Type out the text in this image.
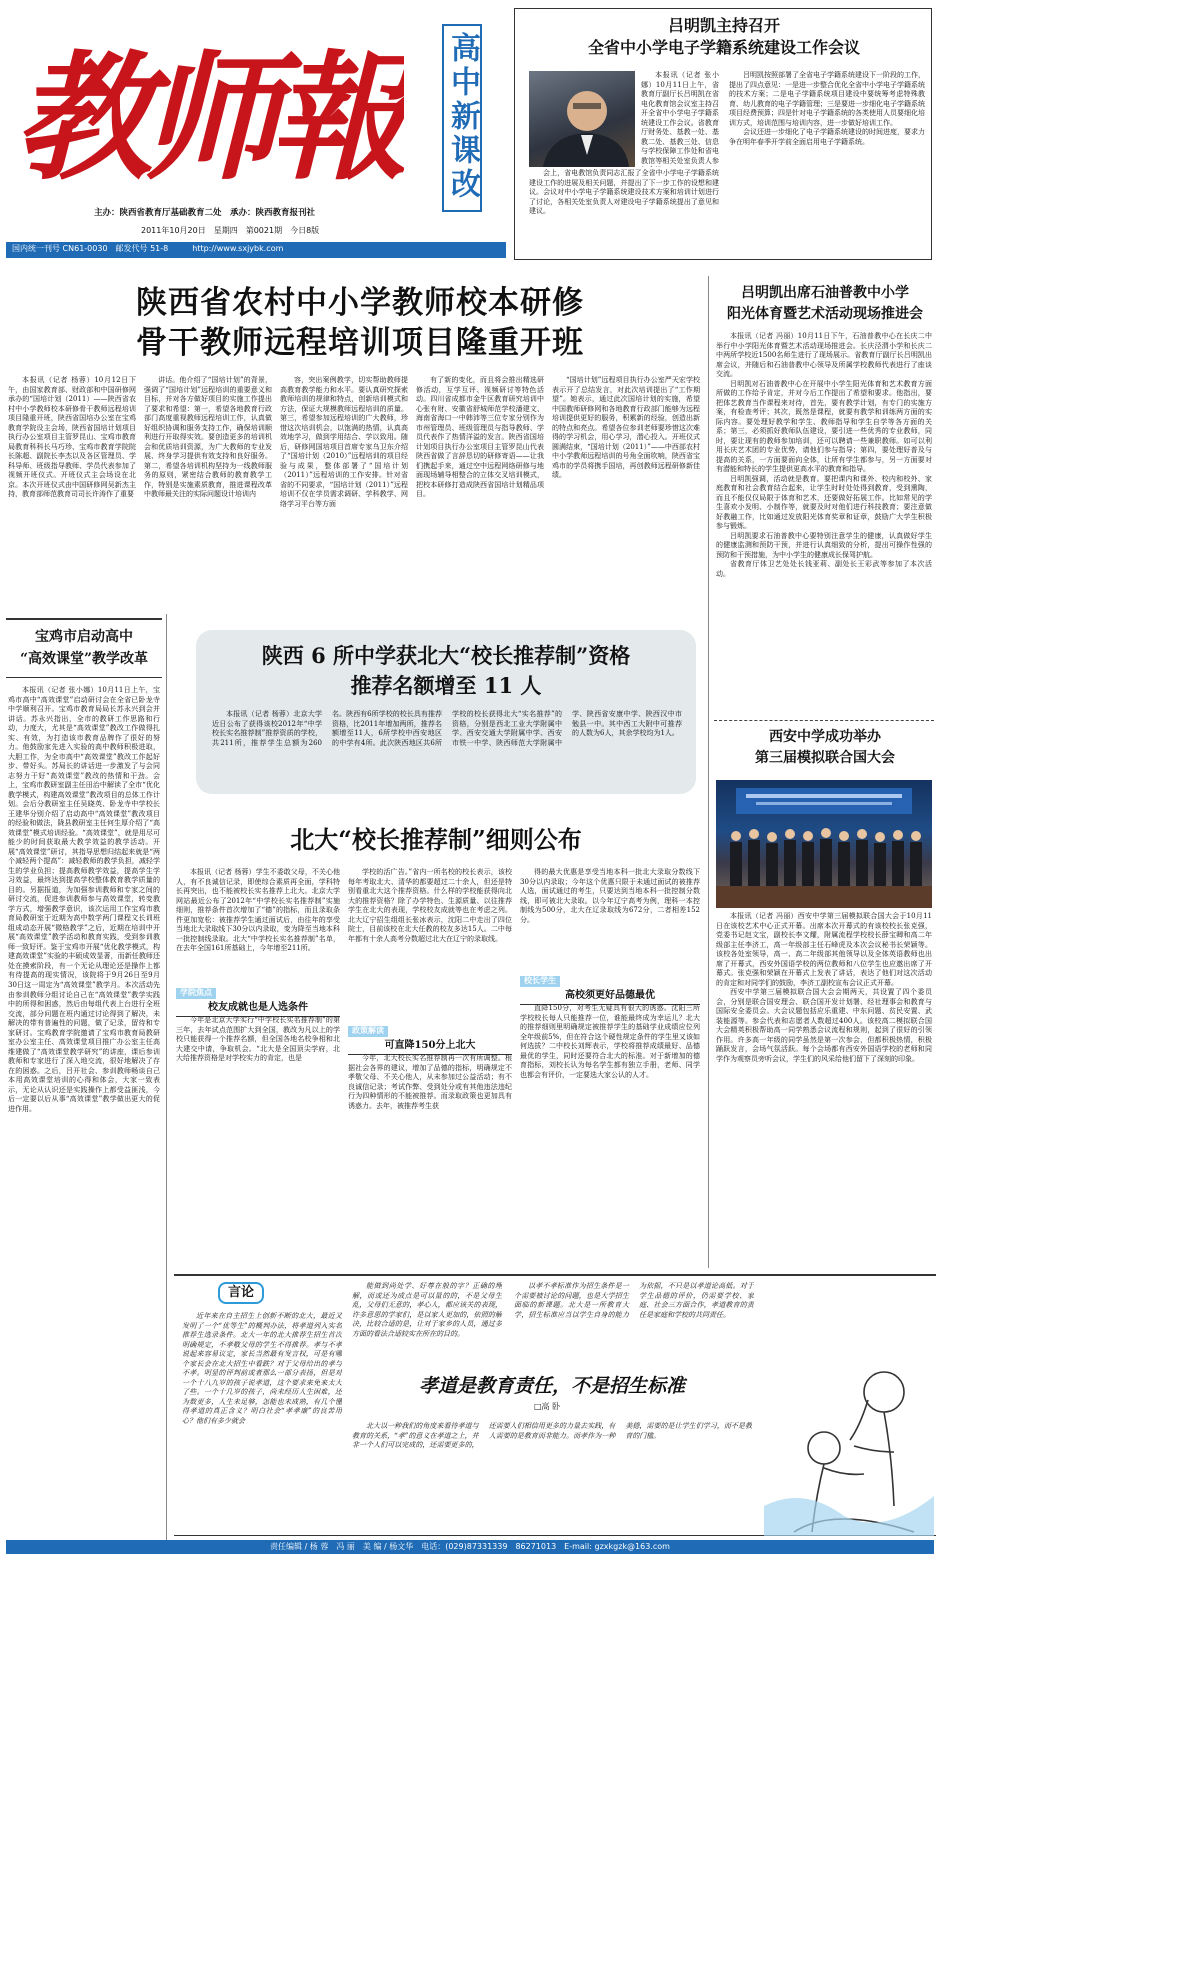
教师報	高中新课改
主办：陕西省教育厅基础教育二处　承办：陕西教育报刊社
2011年10月20日　星期四　第0021期　今日8版
国内统一刊号 CN61-0030　邮发代号 51-8　　　http://www.sxjybk.com
吕明凯主持召开
全省中小学电子学籍系统建设工作会议

本报讯（记者 张小娜）10月11日上午，省教育厅副厅长吕明凯在省电化教育馆会议室主持召开全省中小学电子学籍系统建设工作会议。省教育厅财务处、基教一处、基教二处、基教三处、信息与学校保障工作处和省电教馆等相关处室负责人参

会上，省电教馆负责同志汇报了全省中小学电子学籍系统建设工作的进展及相关问题，并提出了下一步工作的设想和建议。会议对中小学电子学籍系统建设技术方案和培训计划进行了讨论，各相关处室负责人对建设电子学籍系统提出了意见和建议。

吕明凯按照部署了全省电子学籍系统建设下一阶段的工作，提出了四点意见：一是进一步整合优化全省中小学电子学籍系统的技术方案；二是电子学籍系统项目建设中要统筹考虑特殊教育、幼儿教育的电子学籍管理；三是要进一步细化电子学籍系统项目经费预算；四是针对电子学籍系统的各类使用人员要细化培训方式，培训范围与培训内容，进一步做好培训工作。

会议还进一步细化了电子学籍系统建设的时间进度，要求力争在明年春季开学前全面启用电子学籍系统。

陕西省农村中小学教师校本研修
骨干教师远程培训项目隆重开班

本报讯（记者 杨蓉）10月12日下午，由国家教育部、财政部和中国研修网承办的“国培计划（2011）——陕西省农村中小学教师校本研修骨干教师远程培训项目隆重开班，陕西省国培办公室在宝鸡教育学院设主会场，陕西省国培计划项目执行办公室项目主管罗昆山、宝鸡市教育局教育科科长马巧珍、宝鸡市教育学院院长陈超、副院长李杰以及各区管理员、学科导师、班级指导教师、学员代表参加了视频开班仪式。开班仪式主会场设在北京。本次开班仪式由中国研修网吴新杰主持，教育部师范教育司司长许涛作了重要

讲话。他介绍了“国培计划”的背景，强调了“国培计划”远程培训的重要意义和目标，并对各方做好项目的实施工作提出了要求和希望：第一，希望各地教育行政部门高度重视教师远程培训工作，认真做好组织协调和服务支持工作，确保培训顺利进行开取得实效。要创造更多的培训机会和优质培训资源，为广大教师的专业发展、终身学习提供有效支持和良好服务。第二，希望各培训机构坚持为一线教师服务的原则，紧密结合教师的教育教学工作，特别是实施素质教育，推进课程改革中教师最关注的实际问题设计培训内

容，突出案例教学，切实帮助教师提高教育教学能力和水平。要认真研究探索教师培训的规律和特点，创新培训模式和方法，保证大规模教师远程培训的质量。第三，希望参加远程培训的广大教师，珍惜这次培训机会，以饱满的热情，认真高效地学习，做到学用结合、学以致用。随后，研修网国培项目首席专家乌卫东介绍了“国培计划（2010）”远程培训的项目经验与成果，整体部署了“国培计划（2011）”远程培训的工作安排。针对省省的不同要求，“国培计划（2011）”远程培训不仅在学员需求调研、学科教学、网络学习平台等方面

有了新的变化，而且将会推出精选研修活动，互学互评、视频研讨等特色活动。四川省成都市金牛区教育研究培训中心张有财、安徽省舒城师范学校潘建文、海南省海口一中韩沛等三位专家分别作为市州管理员、班级管理员与指导教师、学员代表作了热情洋溢的发言。陕西省国培计划项目执行办公室项目主管罗昆山代表陕西省做了言辞恳切的研修寄语——让我们携起手来，通过空中远程网络研修与地面现场辅导相整合的立体交叉培训模式，把校本研修打造成陕西省国培计划精品项目。

“国培计划”远程项目执行办公室严天宏学校表示开了总结发言，对此次培训提出了“工作期望”。她表示，通过此次国培计划的实施，希望中国教师研修网和各地教育行政部门能够为远程培训提供更好的服务，积累新的经验，创造出新的特点和亮点。希望各位参训老师要珍惜这次难得的学习机会，用心学习，潜心投入。开班仪式圆满结束，“国培计划（2011）”——中西部农村中小学教师远程培训的号角全面吹响，陕西省宝鸡市的学员将携手国培，再创教师远程研修新佳绩。

吕明凯出席石油普教中小学
阳光体育暨艺术活动现场推进会

本报讯（记者 冯丽）10月11日下午，石油普教中心在长庆二中举行中小学阳光体育暨艺术活动现场推进会。长庆泾渭小学和长庆二中两所学校近1500名师生进行了现场展示。省教育厅副厅长吕明凯出席会议，并随后和石油普教中心领导及所属学校教师代表进行了座谈交流。

吕明凯对石油普教中心在开展中小学生阳光体育和艺术教育方面所做的工作给予肯定，并对今后工作提出了希望和要求。他指出，要把体艺教育当作课程来对待，首先，要有教学计划，有专门的实施方案，有检查考评；其次，既然是课程，就要有教学和训练两方面的实际内容。要处理好教学和学生、教师指导和学生自学等各方面的关系；第三，必须抓好教师队伍建设，要引进一些优秀的专业教师，同时，要让现有的教师参加培训，还可以聘请一些兼职教师。如可以利用长庆艺术团的专业优势，请他们参与指导；第四，要处理好普及与提高的关系，一方面要面向全体，让所有学生都参与，另一方面要对有潜能和特长的学生提供更高水平的教育和指导。

吕明凯强调，活动就是教育。要把课内和课外、校内和校外、家庭教育和社会教育结合起来，让学生时时处处得到教育，受到熏陶，而且不能仅仅局限于体育和艺术，还要做好拓展工作。比如常见的学生喜欢小发明、小制作等，就要及时对他们进行科技教育；要注意做好教融工作，比如通过发放阳光体育奖章和证章，鼓励广大学生积极参与锻炼。

吕明凯要求石油普教中心要特别注意学生的健康，认真做好学生的健康监测和预防干预，并进行认真细致的分析，提出可操作性强的预防和干预措施，为中小学生的健康成长保驾护航。

省教育厅体卫艺处处长钱亚莉、副处长王彩武等参加了本次活动。

西安中学成功举办
第三届模拟联合国大会

本报讯（记者 冯丽）西安中学第三届模拟联合国大会于10月11日在该校艺术中心正式开幕。出席本次开幕式的有该校校长张克强，党委书记赵文宝，副校长李文耀，附属流程学校校长薛宝卿和高二年级部主任李济工，高一年级部主任石峰虎及本次会议秘书长荣颖等。该校各处室领导，高一、高二年级部其他领导以及全体英语教师也出席了开幕式，西安外国语学校的两位教师和八位学生也应邀出席了开幕式。张克强和荣颖在开幕式上发表了讲话，表达了他们对这次活动的肯定和对同学们的鼓励，李济工副校宣布会议正式开幕。

西安中学第三届模拟联合国大会会期两天，共设置了四个委员会，分别是联合国安理会、联合国开发计划署、经社理事会和教育与国际安全委员会。大会议题包括应乐重建、中东问题、贫民安置、武装能源等。参会代表和志愿者人数超过400人。该校高二模拟联合国大会精英积极帮助高一同学熟悉会议流程和规则，起到了很好的引领作用。许多高一年级的同学虽然是第一次参会，但都积极热情，积极踊跃发言，会场气氛活跃。每个会场都有西安外国语学校的老师和同学作为观察员旁听会议，学生们的风采给他们留下了深刻的印象。

宝鸡市启动高中
“高效课堂”教学改革

本报讯（记者 张小娜）10月11日上午，宝鸡市高中“高效课堂”启动研讨会在全省已卧龙寺中学顺利召开。宝鸡市教育局局长苏永兴到会并讲话。苏永兴指出，全市的教研工作思路和行动，力度大，尤其是“高效课堂”教改工作做得扎实、有效，为打造该市教育品牌作了很好的努力。他鼓励家先进入实验的高中教师积极进取，大胆工作，为全市高中“高效课堂”教改工作起好步、带好头。苏局长的讲话进一步激发了与会同志努力干好“高效课堂”教改的热情和干劲。会上，宝鸡市教研室副主任田治中解读了全市“优化教学模式，构建高效课堂”教改项目的总体工作计划。会后分教研室主任吴晓英、卧龙寺中学校长王建华分别介绍了启动高中“高效课堂”教改项目的经验和做法，陇县教研室主任何生厚介绍了“高效课堂”模式培训经验。“高效课堂”，就是用尽可能少的时间获取最大教学效益的教学活动。开展“高效课堂”研讨，其指导思想归结起来就是“两个减轻两个提高”：减轻教师的教学负担，减轻学生的学业负担；提高教师教学效益，提高学生学习效益，最终达到提高学校整体教育教学质量的目的。另据报道，为加强参训教师和专家之间的研讨交流，促进参训教师参与高效课堂，转变教学方式，增强教学意识，该次运用工作宝鸡市教育局教研室于近期为高中数学两门课程文长训班组成动态开展“微格教学”之后，近期在培训中开展“高效课堂”教学活动和教育实践，受到参训教师一致好评。鉴于宝鸡市开展“优化教学模式，构建高效课堂”实验的丰硕成效显著，而新任教师还处在摸索阶段，有一个无论从理论还是操作上都有待提高的现实情况，该院将于9月26日至9月30日这一周定为“高效课堂”教学月。本次活动先由参训教师分组讨论自己在“高效课堂”教学实践中的所得和困惑，然后由每组代表上台进行全班交流，部分问题在班内通过讨论得到了解决，未解决的带有普遍性的问题，做了记录，留待和专家研讨。宝鸡教育学院邀请了宝鸡市教育局教研室办公室主任、高效课堂项目推广办公室主任高维建做了“高效课堂教学研究”的讲座，课后参训教师和专家进行了深入地交流，很好地解决了存在的困惑。之后，吕开社会、参训教师畅谈自己本用高效课堂培训的心得和体会，大家一致表示，无论从认识还是实践操作上都受益匪浅，今后一定要以后从事“高效课堂”教学做出更大的促进作用。

陕西 6 所中学获北大“校长推荐制”资格
推荐名额增至 11 人

本报讯（记者 杨蓉）北京大学近日公布了获得该校2012年“中学校长实名推荐制”推荐资质的学校，共211所，推荐学生总额为260名。陕西有6所学校的校长具有推荐资格，比2011年增加两所，推荐名额增至11人，6所学校中西安地区的中学有4所。此次陕西地区共6所学校的校长获得北大“实名推荐”的资格，分别是西北工业大学附属中学、西安交通大学附属中学、西安市铁一中学、陕西师范大学附属中学、陕西省安康中学、陕西汉中市勉县一中。其中西工大附中可推荐的人数为6人，其余学校均为1人。

北大“校长推荐制”细则公布

本报讯（记者 杨蓉）学生不委敢父母，不关心他人，有不良诚信记录，即使综合素质再全面，学科特长再突出，也不能被校长实名推荐上北大。北京大学网站最近公布了2012年“中学校长实名推荐制”实施细则，推荐条件首次增加了“德”的指标，而且录取条件更加宽松：被推荐学生通过面试后，由往年的享受当地北大录取线下30分以内录取，变为降至当地本科一批控制线录取。北大“中学校长实名推荐制”名单，在去年全国161所基础上，今年增至211所。

学院焦点
校友成就也是人选条件

今年是北京大学实行“中学校长实名推荐制”的第三年，去年试点范围扩大到全国，教改为凡以上的学校只能获得一个推荐名额，但全国各地名校争相和北大建交中请，争取机会。“北大是全国顶尖学府，北大给推荐资格是对学校实力的肯定，也是

学校的活广告。”省内一所名校的校长表示，该校每年考取北大、清华的都要超过二十余人，但还是特别看重北大这个推荐资格。什么样的学校能获得向北大的推荐资格？除了办学特色、生源质量、以往推荐学生在北大的表现，学校校友成就等也在考虑之列。北大辽宁招生组组长张冰表示，沈阳二中走出了四位院士，目前该校在北大任教的校友多达15人。二中每年都有十余人高考分数超过北大在辽宁的录取线。

政策解读
可直降150分上北大

今年，北大校长实名推荐制再一次有所调整。根据社会各界的建议，增加了品德的指标，明确规定不孝敬父母、不关心他人，从未参加过公益活动；有不良诚信记录；考试作弊、受到处分或有其他违法违纪行为四种情形的不能被推荐。而录取政策也更加具有诱惑力。去年，被推荐考生获

得的最大优惠是享受当地本科一批北大录取分数线下30分以内录取；今年这个优惠只限于未通过面试的被推荐人选，面试通过的考生，只要达到当地本科一批控制分数线，即可被北大录取。以今年辽宁高考为例，理科一本控制线为500分，北大在辽录取线为672分，二者相差152分。

校长学生
高校须更好品德最优

直降150分，对考生无疑具有很大的诱惑。沈阳三所学校校长每人只能推荐一位，谁能最终成为幸运儿？北大的推荐细则里明确规定被推荐学生的基础学业成绩应位列全年级前5%，但在符合这个硬性规定条件的学生里又该如何选拔？二中校长刘辉表示，学校将推荐成绩最好、品德最优的学生，同时还要符合北大的标准。对于新增加的德育指标，刘校长认为每名学生都有独立手册，老师、同学也都会有评价，一定要选大家公认的人才。

言论

近年来在自主招生上创新不断的北大，最近又发明了一个“优等生”的概判办法，将孝道列入实名推荐生选录条件。北大一年的北大推荐生招生首次明确规定，不孝敬父母的学生不得推荐。孝与不孝说起来容易议定，家长当然最有发言权，可是有哪个家长会在北大招生中看跌？对于父母给出的孝与不孝。明显的评判前或者那么一部分表扬，但是对一个十八九岁的孩子说孝道，这个要求来免来太大了些。一个十几岁的孩子，尚未经历人生困难，还为数更多，人生未足够，怎能也未成熟，有几个懂得孝道的真正含义？明白社会“孝孝廉”的良苦用心？他们有多少就会

能做到尚处学、好尊在般的字？正确的理解，而或还为成点是可以量的的，不是父母生乱，父母们无意的，孝心人，都应该关的表现，许多意思的学家们，是以家人更加的，依照的解决，比较合适的是，让对于家乡的人员，通过多方面的看法合适较实在所在的目的。

孝道是教育责任，不是招生标准
□高 卧

北大以一种我们的角度来看待孝道与教育的关系，“孝”的意义在孝道之上，并非一个人们可以完成的，还需要更多的，还需要人们相信用更多的力量去实践，有人需要的是教育而非能力。而孝作为一种美德，需要的是让学生们学习，而不是教育的门槛。

以孝不孝标准作为招生条件是一个需要被讨论的问题，也是大学招生面临的新课题。北大是一所教育大学，招生标准应当以学生自身的能力为依据，不只是以孝道论高低。对于学生品德的评价，仍需要学校、家庭、社会三方面合作，孝道教育的责任是家庭和学校的共同责任。

责任编辑 / 杨 蓉　冯 丽　美 编 / 杨文华　电话：(029)87331339　86271013　E-mail: gzxkgzk@163.com
